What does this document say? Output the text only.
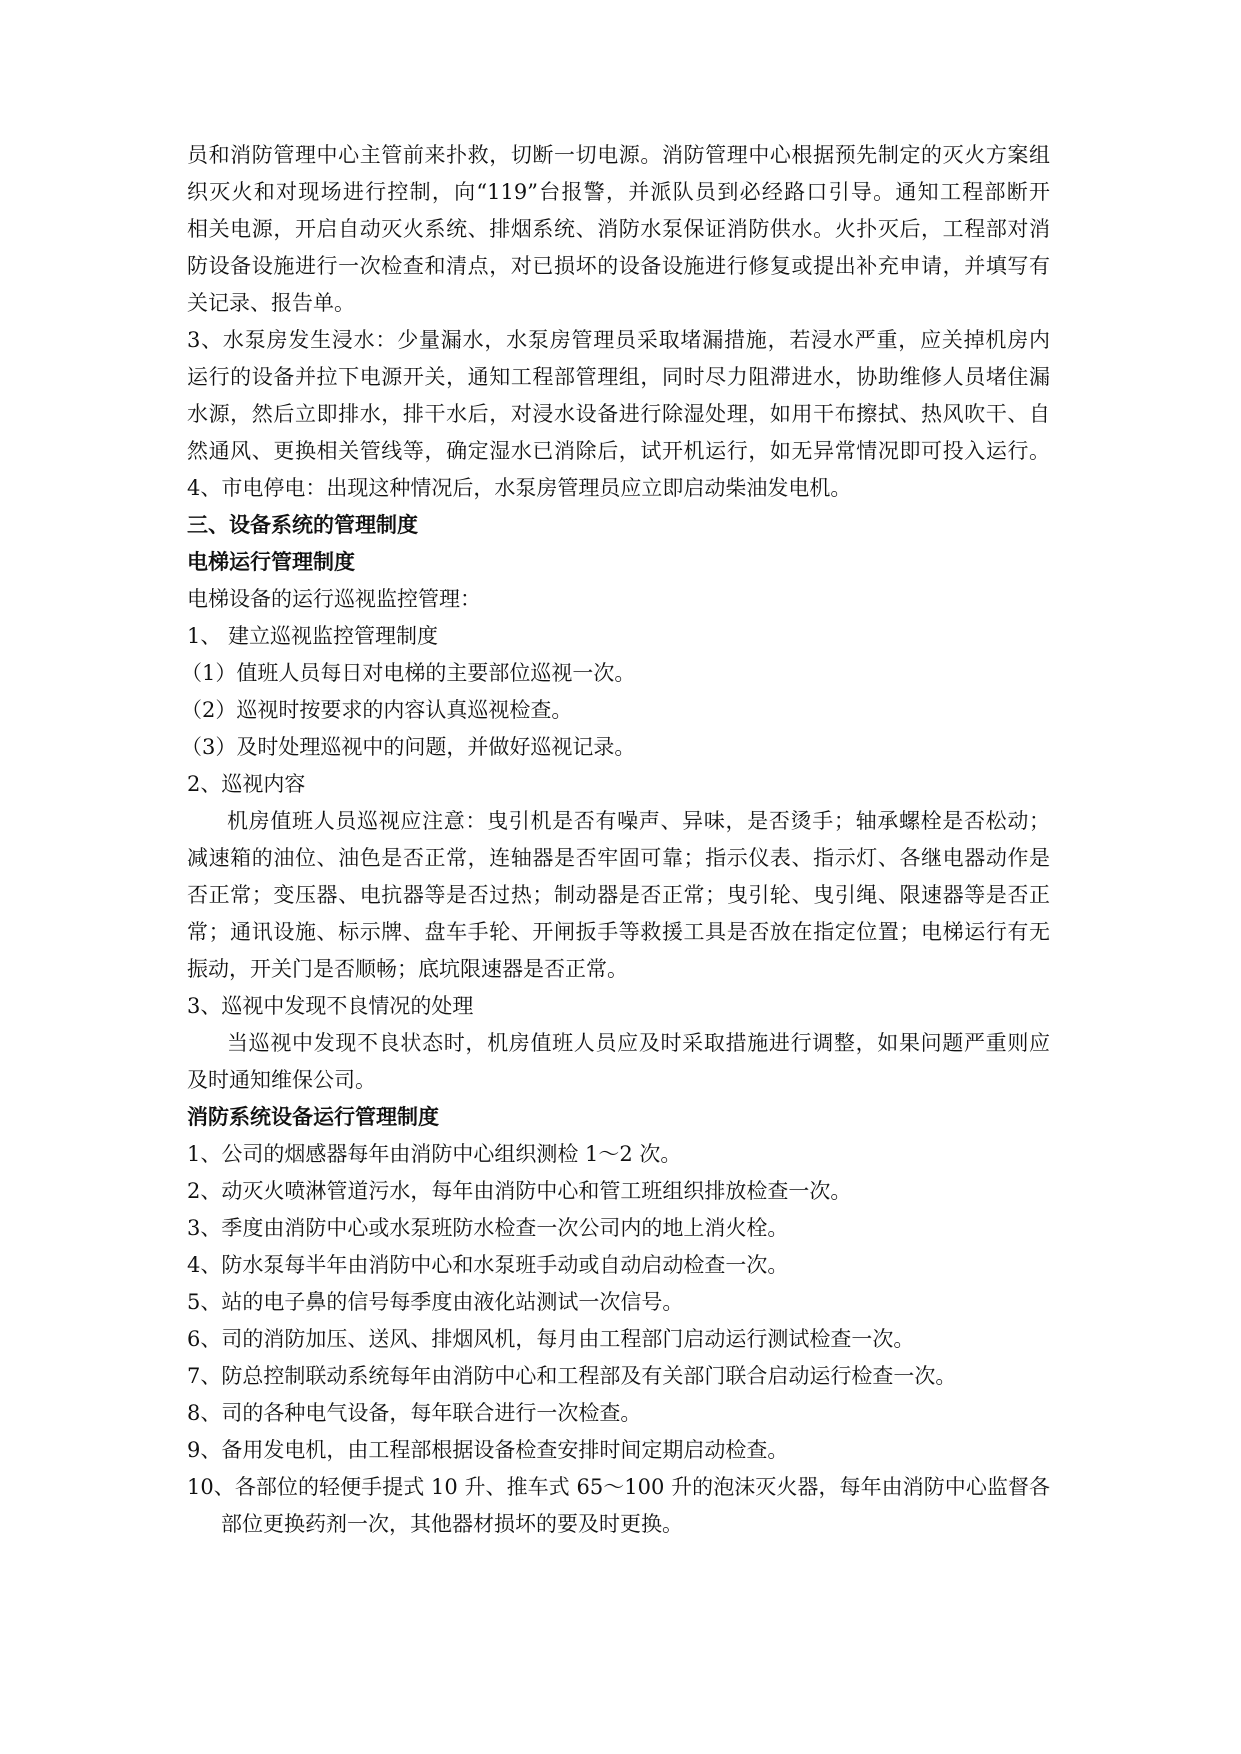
员和消防管理中心主管前来扑救，切断一切电源。消防管理中心根据预先制定的灭火方案组
织灭火和对现场进行控制，向“119”台报警，并派队员到必经路口引导。通知工程部断开
相关电源，开启自动灭火系统、排烟系统、消防水泵保证消防供水。火扑灭后，工程部对消
防设备设施进行一次检查和清点，对已损坏的设备设施进行修复或提出补充申请，并填写有
关记录、报告单。
3、水泵房发生浸水：少量漏水，水泵房管理员采取堵漏措施，若浸水严重，应关掉机房内
运行的设备并拉下电源开关，通知工程部管理组，同时尽力阻滞进水，协助维修人员堵住漏
水源，然后立即排水，排干水后，对浸水设备进行除湿处理，如用干布擦拭、热风吹干、自
然通风、更换相关管线等，确定湿水已消除后，试开机运行，如无异常情况即可投入运行。
4、市电停电：出现这种情况后，水泵房管理员应立即启动柴油发电机。
三、设备系统的管理制度
电梯运行管理制度
电梯设备的运行巡视监控管理：
1、 建立巡视监控管理制度
（1）值班人员每日对电梯的主要部位巡视一次。
（2）巡视时按要求的内容认真巡视检查。
（3）及时处理巡视中的问题，并做好巡视记录。
2、巡视内容
机房值班人员巡视应注意：曳引机是否有噪声、异味，是否烫手；轴承螺栓是否松动；
减速箱的油位、油色是否正常，连轴器是否牢固可靠；指示仪表、指示灯、各继电器动作是
否正常；变压器、电抗器等是否过热；制动器是否正常；曳引轮、曳引绳、限速器等是否正
常；通讯设施、标示牌、盘车手轮、开闸扳手等救援工具是否放在指定位置；电梯运行有无
振动，开关门是否顺畅；底坑限速器是否正常。
3、巡视中发现不良情况的处理
当巡视中发现不良状态时，机房值班人员应及时采取措施进行调整，如果问题严重则应
及时通知维保公司。
消防系统设备运行管理制度
1、公司的烟感器每年由消防中心组织测检 1～2 次。
2、动灭火喷淋管道污水，每年由消防中心和管工班组织排放检查一次。
3、季度由消防中心或水泵班防水检查一次公司内的地上消火栓。
4、防水泵每半年由消防中心和水泵班手动或自动启动检查一次。
5、站的电子鼻的信号每季度由液化站测试一次信号。
6、司的消防加压、送风、排烟风机，每月由工程部门启动运行测试检查一次。
7、防总控制联动系统每年由消防中心和工程部及有关部门联合启动运行检查一次。
8、司的各种电气设备，每年联合进行一次检查。
9、备用发电机，由工程部根据设备检查安排时间定期启动检查。
10、各部位的轻便手提式 10 升、推车式 65～100 升的泡沫灭火器，每年由消防中心监督各
部位更换药剂一次，其他器材损坏的要及时更换。
